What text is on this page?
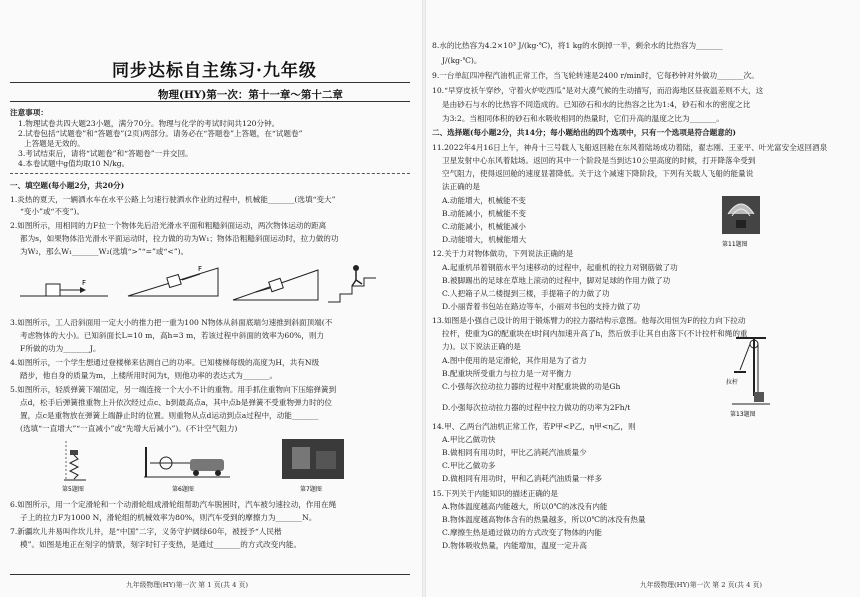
同步达标自主练习·九年级
物理(HY)第一次：第十一章～第十二章
注意事项：
1.物理试卷共四大题23小题，满分70分。物理与化学的考试时间共120分钟。
2.试卷包括“试题卷”和“答题卷”(2页)两部分。请务必在“答题卷”上答题，在“试题卷”
上答题是无效的。
3.考试结束后，请将“试题卷”和“答题卷”一并交回。
4.本卷试题中g值均取10 N/kg。
一、填空题(每小题2分，共20分)
1.炎热的夏天，一辆洒水车在水平公路上匀速行驶洒水作业的过程中，机械能_______(选填“变大”
“变小”或“不变”)。
2.如图所示，用相同的力F拉一个物体先后沿光滑水平面和粗糙斜面运动，两次物体运动的距离
都为s，如果物体沿光滑水平面运动时，拉力做的功为W₁；物体沿粗糙斜面运动时，拉力做的功
为W₂，那么W₁_______W₂(选填“>”“=”或“<”)。
F
F
3.如图所示，工人沿斜面用一定大小的推力把一重为100 N物体从斜面底端匀速推到斜面顶端(不
考虑物体的大小)。已知斜面长L=10 m，高h=3 m，若该过程中斜面的效率为60%，则力
F所做的功为_______J。
4.如图所示，一个学生想通过登楼梯来估测自己的功率。已知楼梯每级的高度为H，共有N级
踏步，他自身的质量为m，上楼所用时间为t，则他功率的表达式为_______。
5.如图所示，轻质弹簧下端固定，另一端连接一个大小不计的重物。用手抓住重物向下压缩弹簧到
点d，松手后弹簧推重物上升依次经过点c、b到最高点a，其中点b是弹簧不受重物弹力时的位
置，点c是重物放在弹簧上端静止时的位置。则重物从点d运动到点a过程中，动能_______
(选填“一直增大”“一直减小”或“先增大后减小”)。(不计空气阻力)
第5题图	第6题图	第7题图
6.如图所示，用一个定滑轮和一个动滑轮组成滑轮组帮助汽车脱困时，汽车被匀速拉动，作用在绳
子上的拉力F为1000 N，滑轮组的机械效率为80%，则汽车受到的摩擦力为_______N。
7.新疆坎儿井易叫作坎儿井，是“中国”二字，义务守护阔绿60年，被授予“人民楷
模”。如图是地正在刻字的情景，刻字时钉子变热，是通过_______的方式改变内能。
九年级物理(HY)第一次 第 1 页(共 4 页)
8.水的比热容为4.2×10³ J/(kg·℃)，将1 kg的水倒掉一半，剩余水的比热容为_______
J/(kg·℃)。
9.一台单缸四冲程汽油机正常工作，当飞轮转速是2400 r/min时，它每秒钟对外做功_______次。
10.“早穿皮袄午穿纱，守着火炉吃西瓜”是对大漠气候的生动描写，而沿海地区昼夜温差则不大，这
是由砂石与水的比热容不同造成的。已知砂石和水的比热容之比为1:4，砂石和水的密度之比
为3:2。当相同体积的砂石和水吸收相同的热量时，它们升高的温度之比为_______。
二、选择题(每小题2分，共14分；每小题给出的四个选项中，只有一个选项是符合题意的)
11.2022年4月16日上午，神舟十三号载人飞船返回舱在东风着陆场成功着陆，翟志刚、王亚平、叶光富安全返回酒泉
卫星发射中心东风着陆场。返回的其中一个阶段是当到达10公里高度的时候，打开降落伞受到
空气阻力，使得返回舱的速度显著降低。关于这个减速下降阶段，下列有关载人飞船的能量说
法正确的是
A.动能增大，机械能不变
B.动能减小，机械能不变
C.动能减小，机械能减小
D.动能增大，机械能增大
第11题图
12.关于力对物体做功，下列说法正确的是
A.起重机吊着钢筋水平匀速移动的过程中，起重机的拉力对钢筋做了功
B.被脚踢出的足球在草地上滚动的过程中，脚对足球的作用力做了功
C.人把箱子从二楼提到三楼，手提箱子的力做了功
D.小丽背着书包站在路边等车，小丽对书包的支持力做了功
13.如图是小强自己设计的用于锻炼臂力的拉力器结构示意图。他每次用恒为F的拉力向下拉动
拉杆，使重为G的配重块在t时间内加速升高了h，然后放手让其自由落下(不计拉杆和绳的重
力)。以下说法正确的是
A.图中使用的是定滑轮，其作用是为了省力
B.配重块所受重力与拉力是一对平衡力
C.小强每次拉动拉力器的过程中对配重块做的功是Gh
D.小强每次拉动拉力器的过程中拉力做功的功率为2Fh/t
拉杆
第13题图
14.甲、乙两台汽油机正常工作，若P甲<P乙，η甲<η乙，则
A.甲比乙做功快
B.做相同有用功时，甲比乙消耗汽油质量少
C.甲比乙做功多
D.做相同有用功时，甲和乙消耗汽油质量一样多
15.下列关于内能知识的描述正确的是
A.物体温度越高内能越大，所以0℃的冰没有内能
B.物体温度越高物体含有的热量越多，所以0℃的冰没有热量
C.摩擦生热是通过做功的方式改变了物体的内能
D.物体吸收热量，内能增加，温度一定升高
九年级物理(HY)第一次 第 2 页(共 4 页)
